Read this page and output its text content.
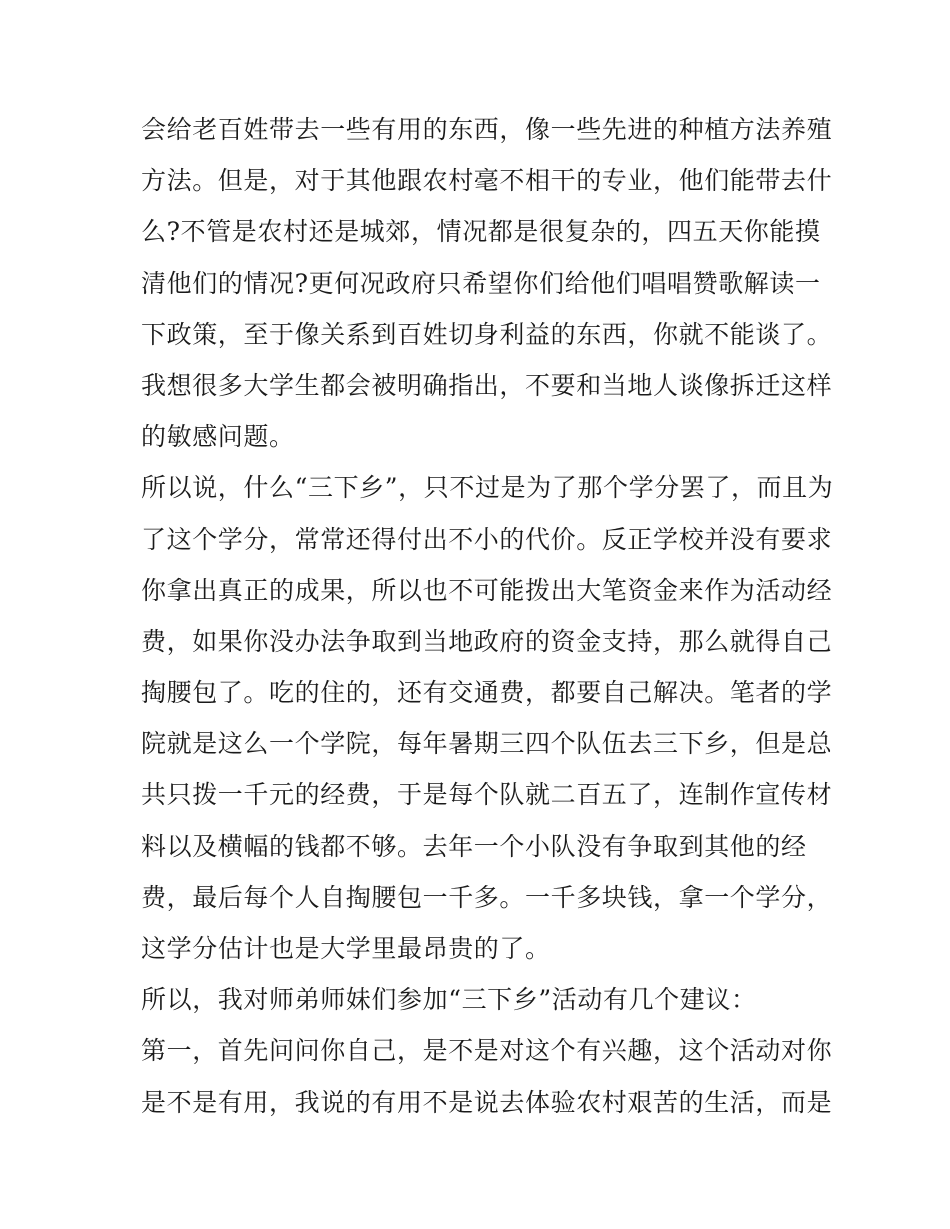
会给老百姓带去一些有用的东西，像一些先进的种植方法养殖
方法。但是，对于其他跟农村毫不相干的专业，他们能带去什
么?不管是农村还是城郊，情况都是很复杂的，四五天你能摸
清他们的情况?更何况政府只希望你们给他们唱唱赞歌解读一
下政策，至于像关系到百姓切身利益的东西，你就不能谈了。
我想很多大学生都会被明确指出，不要和当地人谈像拆迁这样
的敏感问题。
所以说，什么“三下乡”，只不过是为了那个学分罢了，而且为
了这个学分，常常还得付出不小的代价。反正学校并没有要求
你拿出真正的成果，所以也不可能拨出大笔资金来作为活动经
费，如果你没办法争取到当地政府的资金支持，那么就得自己
掏腰包了。吃的住的，还有交通费，都要自己解决。笔者的学
院就是这么一个学院，每年暑期三四个队伍去三下乡，但是总
共只拨一千元的经费，于是每个队就二百五了，连制作宣传材
料以及横幅的钱都不够。去年一个小队没有争取到其他的经
费，最后每个人自掏腰包一千多。一千多块钱，拿一个学分，
这学分估计也是大学里最昂贵的了。
所以，我对师弟师妹们参加“三下乡”活动有几个建议：
第一，首先问问你自己，是不是对这个有兴趣，这个活动对你
是不是有用，我说的有用不是说去体验农村艰苦的生活，而是
